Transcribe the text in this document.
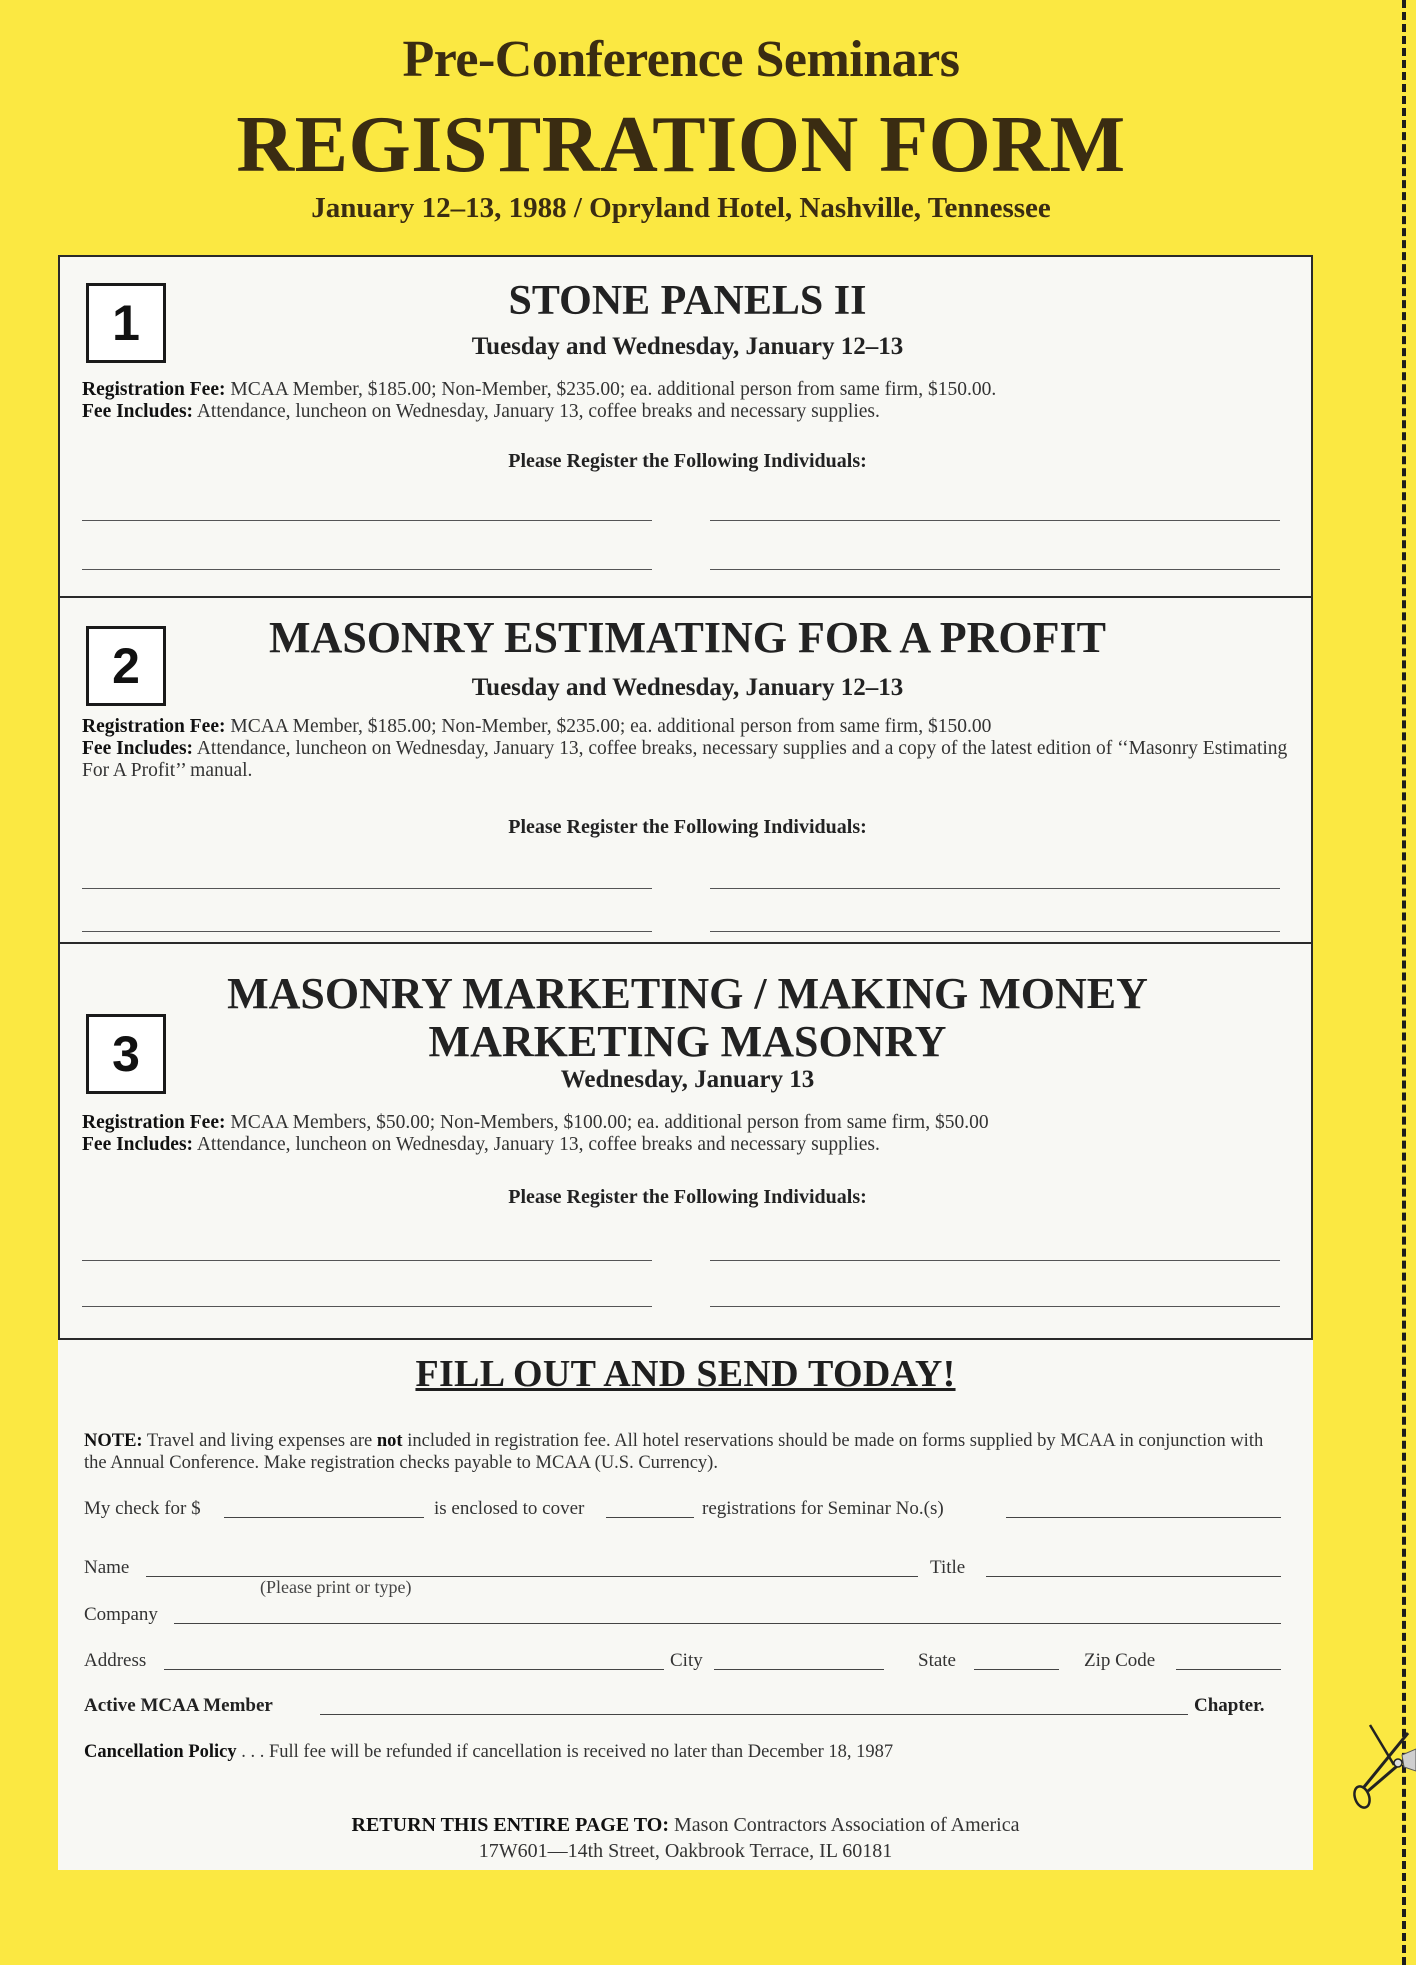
Pre-Conference Seminars
REGISTRATION FORM
January 12–13, 1988 / Opryland Hotel, Nashville, Tennessee
1	STONE PANELS II
Tuesday and Wednesday, January 12–13
Registration Fee: MCAA Member, $185.00; Non-Member, $235.00; ea. additional person from same firm, $150.00.
Fee Includes: Attendance, luncheon on Wednesday, January 13, coffee breaks and necessary supplies.
Please Register the Following Individuals:
2
MASONRY ESTIMATING FOR A PROFIT
Tuesday and Wednesday, January 12–13
Registration Fee: MCAA Member, $185.00; Non-Member, $235.00; ea. additional person from same firm, $150.00
Fee Includes: Attendance, luncheon on Wednesday, January 13, coffee breaks, necessary supplies and a copy of the latest edition of ‘‘Masonry Estimating For A Profit’’ manual.
Please Register the Following Individuals:
3
MASONRY MARKETING / MAKING MONEY
MARKETING MASONRY
Wednesday, January 13
Registration Fee: MCAA Members, $50.00; Non-Members, $100.00; ea. additional person from same firm, $50.00
Fee Includes: Attendance, luncheon on Wednesday, January 13, coffee breaks and necessary supplies.
Please Register the Following Individuals:
FILL OUT AND SEND TODAY!
NOTE: Travel and living expenses are not included in registration fee. All hotel reservations should be made on forms supplied by MCAA in conjunction with the Annual Conference. Make registration checks payable to MCAA (U.S. Currency).
My check for $	is enclosed to cover	registrations for Seminar No.(s)
Name	Title
(Please print or type)
Company
Address	City	State	Zip Code
Active MCAA Member	Chapter.
Cancellation Policy . . . Full fee will be refunded if cancellation is received no later than December 18, 1987
RETURN THIS ENTIRE PAGE TO: Mason Contractors Association of America
17W601—14th Street, Oakbrook Terrace, IL 60181
